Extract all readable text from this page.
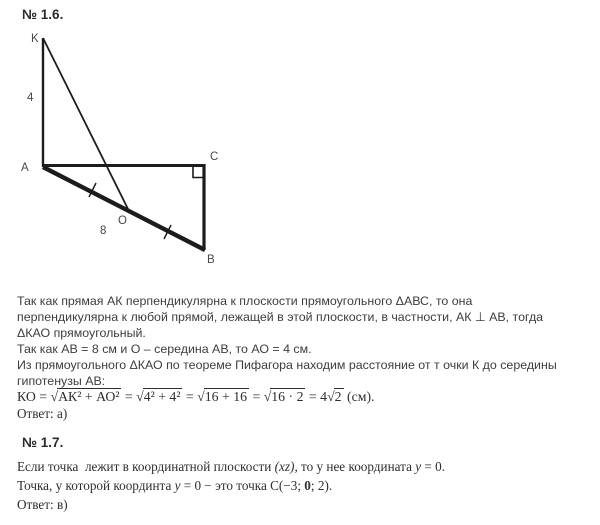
№ 1.6.
K
4
A
C
B
O
8
Так как прямая АК перпендикулярна к плоскости прямоугольного ΔАВС, то она
перпендикулярна к любой прямой, лежащей в этой плоскости, в частности, АК ⊥ АВ, тогда
ΔКАО прямоугольный.
Так как АВ = 8 см и О – середина АВ, то АО = 4 см.
Из прямоугольного ΔКАО по теореме Пифагора находим расстояние от т очки К до середины
гипотенузы АВ:
КО = √АК² + АО² = √4² + 4² = √16 + 16 = √16 · 2 = 4√2 (см).
Ответ: а)
№ 1.7.
Если точка  лежит в координатной плоскости (xz), то у нее координата y = 0.
Точка, у которой координта y = 0 − это точка C(−3; 0; 2).
Ответ: в)
